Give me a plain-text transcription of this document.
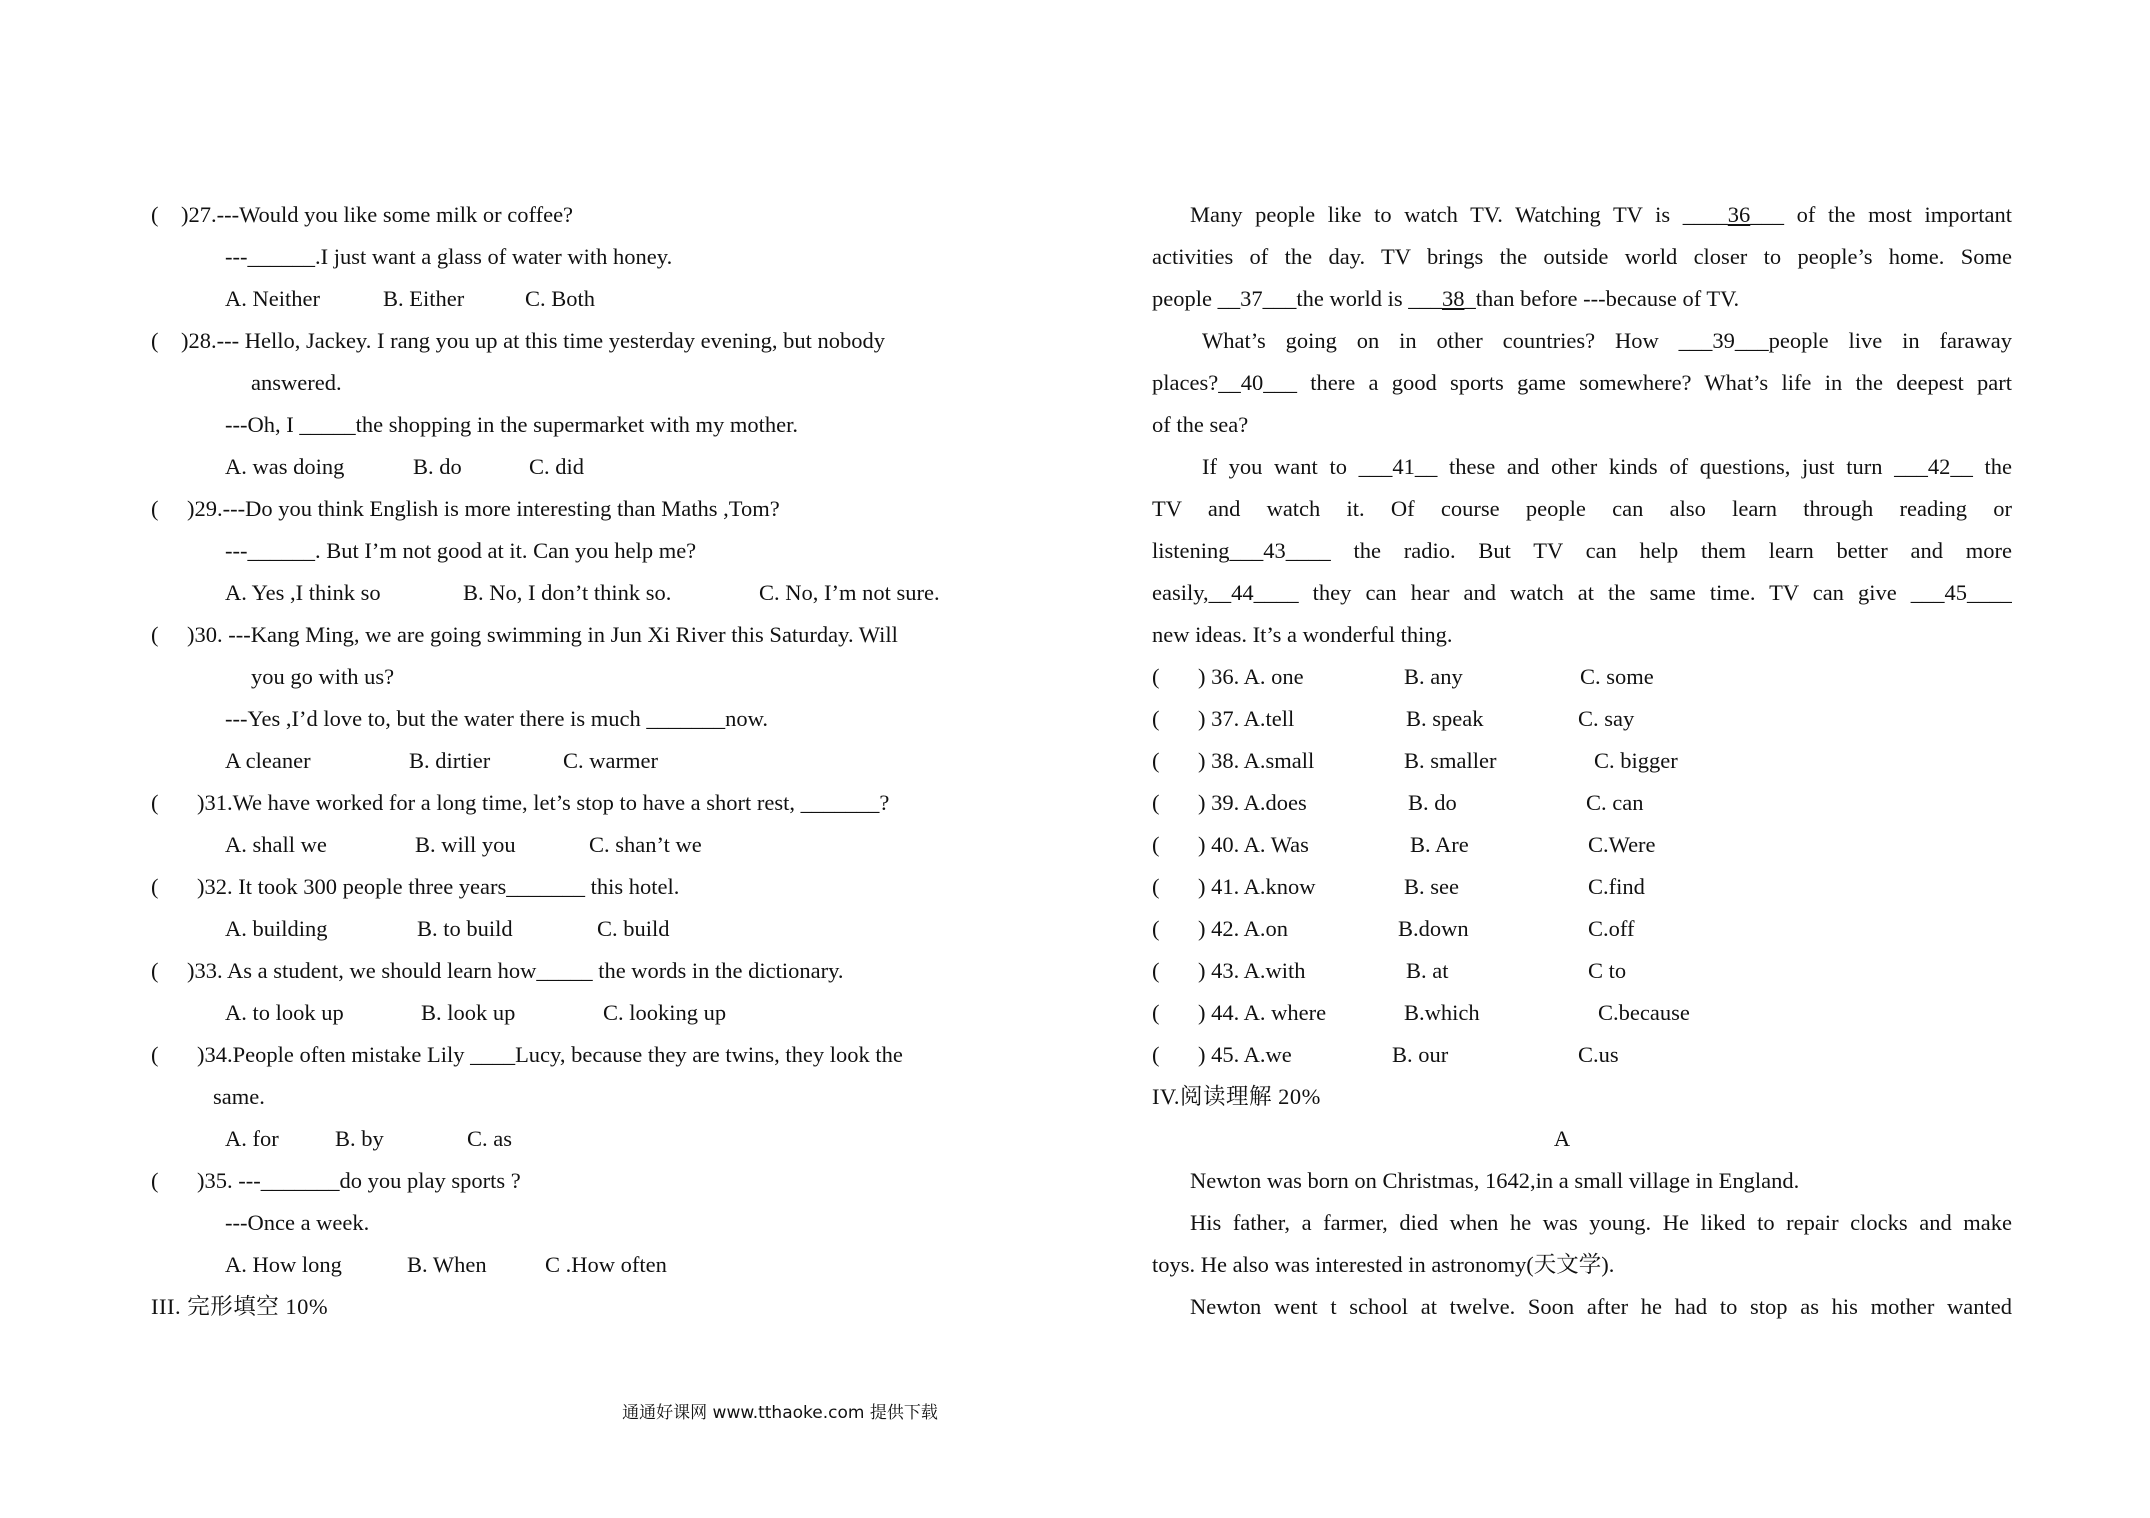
( )27.---Would you like some milk or coffee?
---______.I just want a glass of water with honey.
A. Neither	B. Either	C. Both
( )28.--- Hello, Jackey. I rang you up at this time yesterday evening, but nobody
answered.
---Oh, I _____the shopping in the supermarket with my mother.
A. was doing	B. do	C. did
( )29.---Do you think English is more interesting than Maths ,Tom?
---______. But I’m not good at it. Can you help me?
A. Yes ,I think so	B. No, I don’t think so.	C. No, I’m not sure.
( )30. ---Kang Ming, we are going swimming in Jun Xi River this Saturday. Will
you go with us?
---Yes ,I’d love to, but the water there is much _______now.
A cleaner	B. dirtier	C. warmer
( )31.We have worked for a long time, let’s stop to have a short rest, _______?
A. shall we	B. will you	C. shan’t we
( )32. It took 300 people three years_______ this hotel.
A. building	B. to build	C. build
( )33. As a student, we should learn how_____ the words in the dictionary.
A. to look up	B. look up	C. looking up
( )34.People often mistake Lily ____Lucy, because they are twins, they look the
same.
A. for	B. by	C. as
( )35. ---_______do you play sports ?
---Once a week.
A. How long	B. When	C .How often
III. 完形填空 10%
Many people like to watch TV. Watching TV is ____36___ of the most important
activities of the day. TV brings the outside world closer to people’s home. Some
people __37___the world is ___38_than before ---because of TV.
What’s going on in other countries? How ___39___people live in faraway
places?__40___ there a good sports game somewhere? What’s life in the deepest part
of the sea?
If you want to ___41__ these and other kinds of questions, just turn ___42__ the
TV and watch it. Of course people can also learn through reading or
listening___43____ the radio. But TV can help them learn better and more
easily,__44____ they can hear and watch at the same time. TV can give ___45____
new ideas. It’s a wonderful thing.
( ) 36. A. one	B. any	C. some
( ) 37. A.tell	B. speak	C. say
( ) 38. A.small	B. smaller	C. bigger
( ) 39. A.does	B. do	C. can
( ) 40. A. Was	B. Are	C.Were
( ) 41. A.know	B. see	C.find
( ) 42. A.on	B.down	C.off
( ) 43. A.with	B. at	C to
( ) 44. A. where	B.which	C.because
( ) 45. A.we	B. our	C.us
IV.阅读理解 20%
A
Newton was born on Christmas, 1642,in a small village in England.
His father, a farmer, died when he was young. He liked to repair clocks and make
toys. He also was interested in astronomy(天文学).
Newton went t school at twelve. Soon after he had to stop as his mother wanted
通通好课网 www.tthaoke.com 提供下载
